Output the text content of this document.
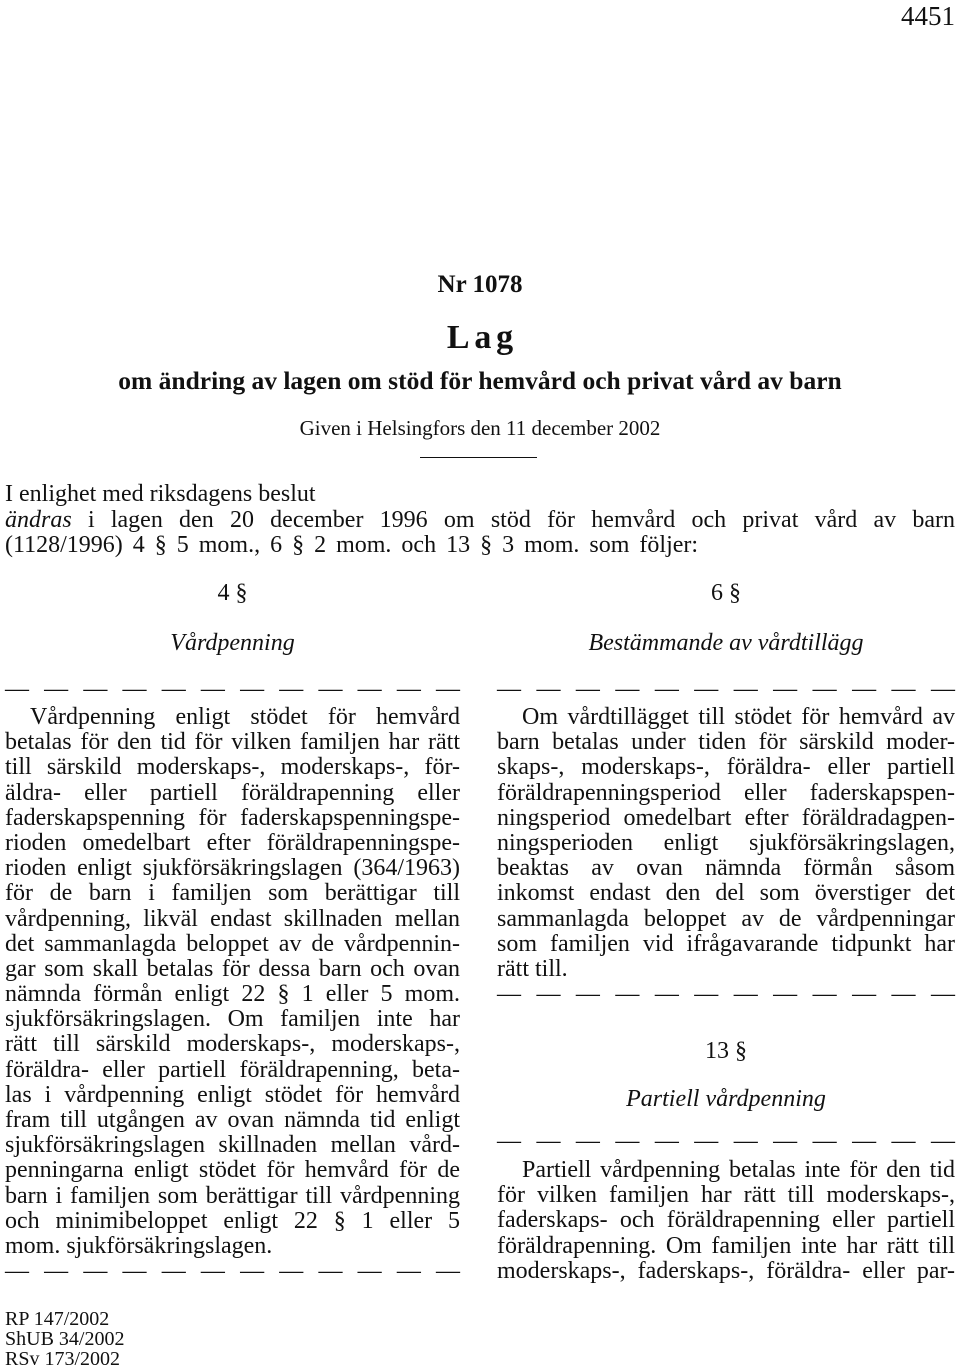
4451
Nr 1078
Lag
om ändring av lagen om stöd för hemvård och privat vård av barn
Given i Helsingfors den 11 december 2002
I enlighet med riksdagens beslut
ändras i lagen den 20 december 1996 om stöd för hemvård och privat vård av barn
(1128/1996) 4 § 5 mom., 6 § 2 mom. och 13 § 3 mom. som följer:
4 §
Vårdpenning
— — — — — — — — — — — —
Vårdpenning enligt stödet för hemvård
betalas för den tid för vilken familjen har rätt
till särskild moderskaps-, moderskaps-, för-
äldra- eller partiell föräldrapenning eller
faderskapspenning för faderskapspenningspe-
rioden omedelbart efter föräldrapenningspe-
rioden enligt sjukförsäkringslagen (364/1963)
för de barn i familjen som berättigar till
vårdpenning, likväl endast skillnaden mellan
det sammanlagda beloppet av de vårdpennin-
gar som skall betalas för dessa barn och ovan
nämnda förmån enligt 22 § 1 eller 5 mom.
sjukförsäkringslagen. Om familjen inte har
rätt till särskild moderskaps-, moderskaps-,
föräldra- eller partiell föräldrapenning, beta-
las i vårdpenning enligt stödet för hemvård
fram till utgången av ovan nämnda tid enligt
sjukförsäkringslagen skillnaden mellan vård-
penningarna enligt stödet för hemvård för de
barn i familjen som berättigar till vårdpenning
och minimibeloppet enligt 22 § 1 eller 5
mom. sjukförsäkringslagen.
— — — — — — — — — — — —
6 §
Bestämmande av vårdtillägg
— — — — — — — — — — — —
Om vårdtillägget till stödet för hemvård av
barn betalas under tiden för särskild moder-
skaps-, moderskaps-, föräldra- eller partiell
föräldrapenningsperiod eller faderskapspen-
ningsperiod omedelbart efter föräldradagpen-
ningsperioden enligt sjukförsäkringslagen,
beaktas av ovan nämnda förmån såsom
inkomst endast den del som överstiger det
sammanlagda beloppet av de vårdpenningar
som familjen vid ifrågavarande tidpunkt har
rätt till.
— — — — — — — — — — — —
13 §
Partiell vårdpenning
— — — — — — — — — — — —
Partiell vårdpenning betalas inte för den tid
för vilken familjen har rätt till moderskaps-,
faderskaps- och föräldrapenning eller partiell
föräldrapenning. Om familjen inte har rätt till
moderskaps-, faderskaps-, föräldra- eller par-
RP 147/2002
ShUB 34/2002
RSv 173/2002
